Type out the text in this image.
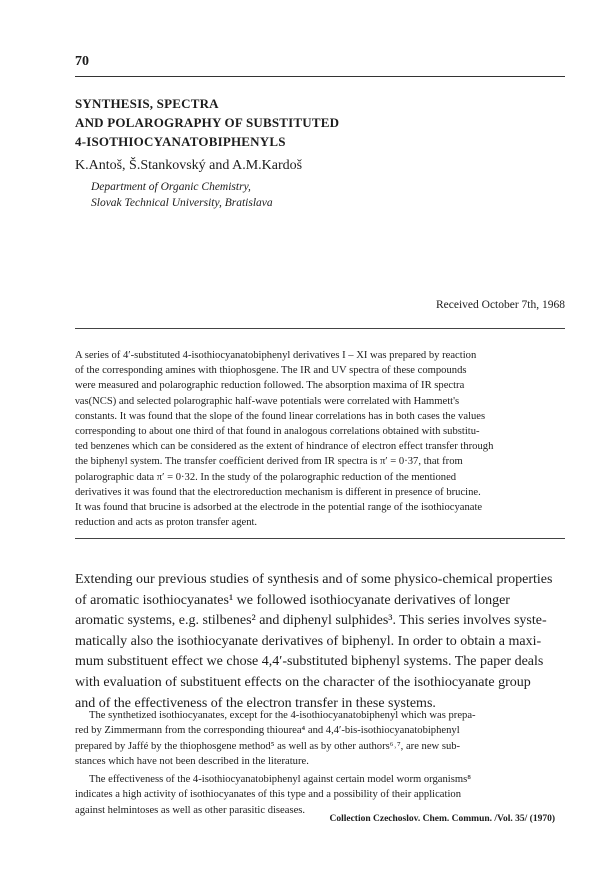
70
SYNTHESIS, SPECTRA
AND POLAROGRAPHY OF SUBSTITUTED
4-ISOTHIOCYANATOBIPHENYLS
K.Antoš, Š.Stankovský and A.M.Kardoš
Department of Organic Chemistry,
Slovak Technical University, Bratislava
Received October 7th, 1968
A series of 4′-substituted 4-isothiocyanatobiphenyl derivatives I – XI was prepared by reaction
of the corresponding amines with thiophosgene. The IR and UV spectra of these compounds
were measured and polarographic reduction followed. The absorption maxima of IR spectra
νas(NCS) and selected polarographic half-wave potentials were correlated with Hammett's
constants. It was found that the slope of the found linear correlations has in both cases the values
corresponding to about one third of that found in analogous correlations obtained with substitu-
ted benzenes which can be considered as the extent of hindrance of electron effect transfer through
the biphenyl system. The transfer coefficient derived from IR spectra is π′ = 0·37, that from
polarographic data π′ = 0·32. In the study of the polarographic reduction of the mentioned
derivatives it was found that the electroreduction mechanism is different in presence of brucine.
It was found that brucine is adsorbed at the electrode in the potential range of the isothiocyanate
reduction and acts as proton transfer agent.
Extending our previous studies of synthesis and of some physico-chemical properties
of aromatic isothiocyanates¹ we followed isothiocyanate derivatives of longer
aromatic systems, e.g. stilbenes² and diphenyl sulphides³. This series involves syste-
matically also the isothiocyanate derivatives of biphenyl. In order to obtain a maxi-
mum substituent effect we chose 4,4′-substituted biphenyl systems. The paper deals
with evaluation of substituent effects on the character of the isothiocyanate group
and of the effectiveness of the electron transfer in these systems.
The synthetized isothiocyanates, except for the 4-isothiocyanatobiphenyl which was prepa-
red by Zimmermann from the corresponding thiourea⁴ and 4,4′-bis-isothiocyanatobiphenyl
prepared by Jaffé by the thiophosgene method⁵ as well as by other authors⁶˒⁷, are new sub-
stances which have not been described in the literature.
The effectiveness of the 4-isothiocyanatobiphenyl against certain model worm organisms⁸
indicates a high activity of isothiocyanates of this type and a possibility of their application
against helmintoses as well as other parasitic diseases.
Collection Czechoslov. Chem. Commun. /Vol. 35/ (1970)
